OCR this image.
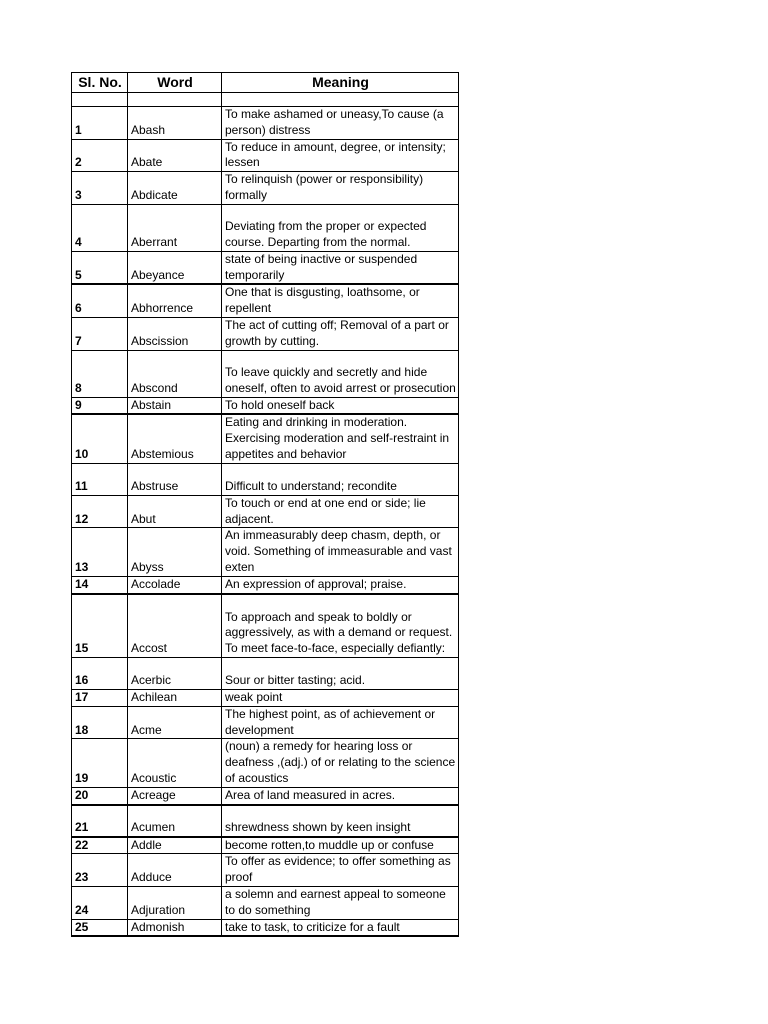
Sl. No.	Word	Meaning

1	Abash	To make ashamed or uneasy,To cause (a person) distress
2	Abate	To reduce in amount, degree, or intensity; lessen
3	Abdicate	To relinquish (power or responsibility) formally
4	Aberrant	Deviating from the proper or expected course. Departing from the normal.
5	Abeyance	state of being inactive or suspended temporarily
6	Abhorrence	One that is disgusting, loathsome, or repellent
7	Abscission	The act of cutting off; Removal of a part or growth by cutting.
8	Abscond	To leave quickly and secretly and hide oneself, often to avoid arrest or prosecution
9	Abstain	To hold oneself back
10	Abstemious	Eating and drinking in moderation. Exercising moderation and self-restraint in appetites and behavior
11	Abstruse	Difficult to understand; recondite
12	Abut	To touch or end at one end or side; lie adjacent.
13	Abyss	An immeasurably deep chasm, depth, or void. Something of immeasurable and vast exten
14	Accolade	An expression of approval; praise.
15	Accost	To approach and speak to boldly or aggressively, as with a demand or request. To meet face-to-face, especially defiantly:
16	Acerbic	Sour or bitter tasting; acid.
17	Achilean	weak point
18	Acme	The highest point, as of achievement or development
19	Acoustic	(noun) a remedy for hearing loss or deafness ,(adj.) of or relating to the science of acoustics
20	Acreage	Area of land measured in acres.
21	Acumen	shrewdness shown by keen insight
22	Addle	become rotten,to muddle up or confuse
23	Adduce	To offer as evidence; to offer something as proof
24	Adjuration	a solemn and earnest appeal to someone to do something
25	Admonish	take to task, to criticize for a fault
